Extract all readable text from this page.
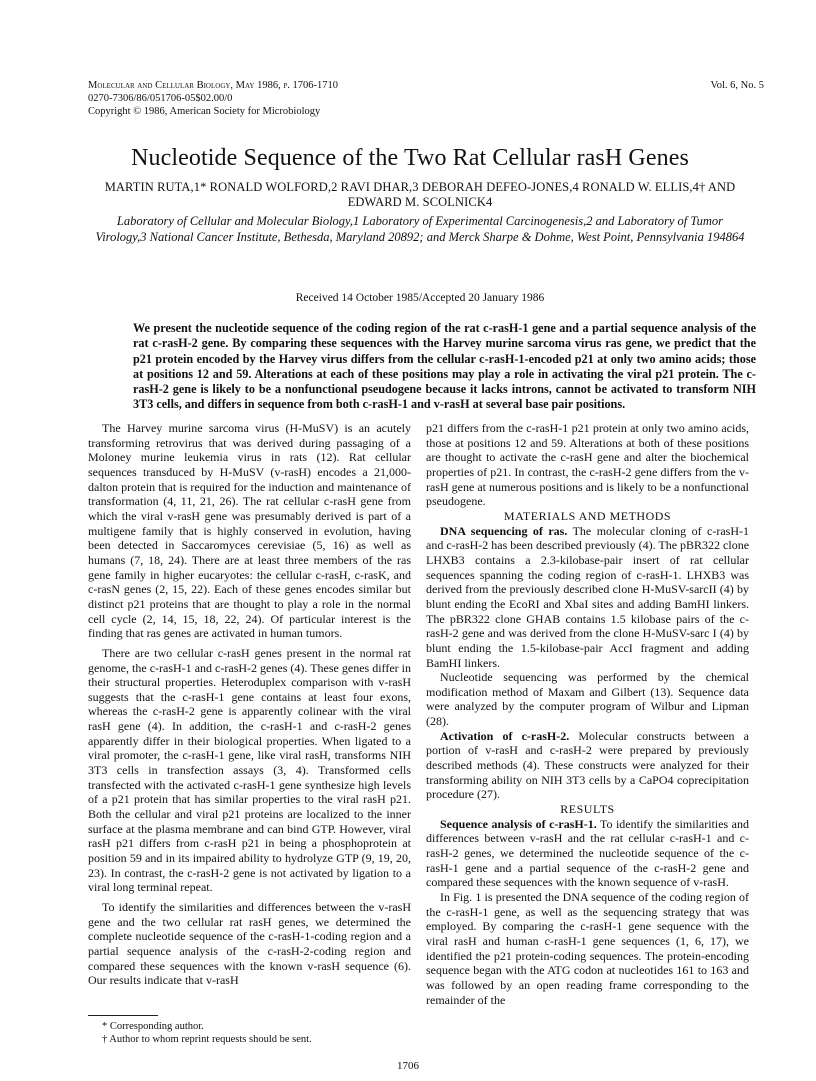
Molecular and Cellular Biology, May 1986, p. 1706-1710
0270-7306/86/051706-05$02.00/0
Copyright © 1986, American Society for Microbiology
Vol. 6, No. 5
Nucleotide Sequence of the Two Rat Cellular rasH Genes
MARTIN RUTA,1* RONALD WOLFORD,2 RAVI DHAR,3 DEBORAH DEFEO-JONES,4 RONALD W. ELLIS,4† AND
EDWARD M. SCOLNICK4
Laboratory of Cellular and Molecular Biology,1 Laboratory of Experimental Carcinogenesis,2 and Laboratory of Tumor Virology,3 National Cancer Institute, Bethesda, Maryland 20892; and Merck Sharpe & Dohme, West Point, Pennsylvania 194864
Received 14 October 1985/Accepted 20 January 1986
We present the nucleotide sequence of the coding region of the rat c-rasH-1 gene and a partial sequence analysis of the rat c-rasH-2 gene. By comparing these sequences with the Harvey murine sarcoma virus ras gene, we predict that the p21 protein encoded by the Harvey virus differs from the cellular c-rasH-1-encoded p21 at only two amino acids; those at positions 12 and 59. Alterations at each of these positions may play a role in activating the viral p21 protein. The c-rasH-2 gene is likely to be a nonfunctional pseudogene because it lacks introns, cannot be activated to transform NIH 3T3 cells, and differs in sequence from both c-rasH-1 and v-rasH at several base pair positions.

The Harvey murine sarcoma virus (H-MuSV) is an acutely transforming retrovirus that was derived during passaging of a Moloney murine leukemia virus in rats (12). Rat cellular sequences transduced by H-MuSV (v-rasH) encodes a 21,000-dalton protein that is required for the induction and maintenance of transformation (4, 11, 21, 26). The rat cellular c-rasH gene from which the viral v-rasH gene was presumably derived is part of a multigene family that is highly conserved in evolution, having been detected in Saccaromyces cerevisiae (5, 16) as well as humans (7, 18, 24). There are at least three members of the ras gene family in higher eucaryotes: the cellular c-rasH, c-rasK, and c-rasN genes (2, 15, 22). Each of these genes encodes similar but distinct p21 proteins that are thought to play a role in the normal cell cycle (2, 14, 15, 18, 22, 24). Of particular interest is the finding that ras genes are activated in human tumors.

There are two cellular c-rasH genes present in the normal rat genome, the c-rasH-1 and c-rasH-2 genes (4). These genes differ in their structural properties. Heteroduplex comparison with v-rasH suggests that the c-rasH-1 gene contains at least four exons, whereas the c-rasH-2 gene is apparently colinear with the viral rasH gene (4). In addition, the c-rasH-1 and c-rasH-2 genes apparently differ in their biological properties. When ligated to a viral promoter, the c-rasH-1 gene, like viral rasH, transforms NIH 3T3 cells in transfection assays (3, 4). Transformed cells transfected with the activated c-rasH-1 gene synthesize high levels of a p21 protein that has similar properties to the viral rasH p21. Both the cellular and viral p21 proteins are localized to the inner surface at the plasma membrane and can bind GTP. However, viral rasH p21 differs from c-rasH p21 in being a phosphoprotein at position 59 and in its impaired ability to hydrolyze GTP (9, 19, 20, 23). In contrast, the c-rasH-2 gene is not activated by ligation to a viral long terminal repeat.

To identify the similarities and differences between the v-rasH gene and the two cellular rat rasH genes, we determined the complete nucleotide sequence of the c-rasH-1-coding region and a partial sequence analysis of the c-rasH-2-coding region and compared these sequences with the known v-rasH sequence (6). Our results indicate that v-rasH

p21 differs from the c-rasH-1 p21 protein at only two amino acids, those at positions 12 and 59. Alterations at both of these positions are thought to activate the c-rasH gene and alter the biochemical properties of p21. In contrast, the c-rasH-2 gene differs from the v-rasH gene at numerous positions and is likely to be a nonfunctional pseudogene.

MATERIALS AND METHODS

DNA sequencing of ras. The molecular cloning of c-rasH-1 and c-rasH-2 has been described previously (4). The pBR322 clone LHXB3 contains a 2.3-kilobase-pair insert of rat cellular sequences spanning the coding region of c-rasH-1. LHXB3 was derived from the previously described clone H-MuSV-sarcII (4) by blunt ending the EcoRI and XbaI sites and adding BamHI linkers. The pBR322 clone GHAB contains 1.5 kilobase pairs of the c-rasH-2 gene and was derived from the clone H-MuSV-sarc I (4) by blunt ending the 1.5-kilobase-pair AccI fragment and adding BamHI linkers.

Nucleotide sequencing was performed by the chemical modification method of Maxam and Gilbert (13). Sequence data were analyzed by the computer program of Wilbur and Lipman (28).

Activation of c-rasH-2. Molecular constructs between a portion of v-rasH and c-rasH-2 were prepared by previously described methods (4). These constructs were analyzed for their transforming ability on NIH 3T3 cells by a CaPO4 coprecipitation procedure (27).

RESULTS

Sequence analysis of c-rasH-1. To identify the similarities and differences between v-rasH and the rat cellular c-rasH-1 and c-rasH-2 genes, we determined the nucleotide sequence of the c-rasH-1 gene and a partial sequence of the c-rasH-2 gene and compared these sequences with the known sequence of v-rasH.

In Fig. 1 is presented the DNA sequence of the coding region of the c-rasH-1 gene, as well as the sequencing strategy that was employed. By comparing the c-rasH-1 gene sequence with the viral rasH and human c-rasH-1 gene sequences (1, 6, 17), we identified the p21 protein-coding sequences. The protein-encoding sequence began with the ATG codon at nucleotides 161 to 163 and was followed by an open reading frame corresponding to the remainder of the

* Corresponding author.
† Author to whom reprint requests should be sent.
1706
